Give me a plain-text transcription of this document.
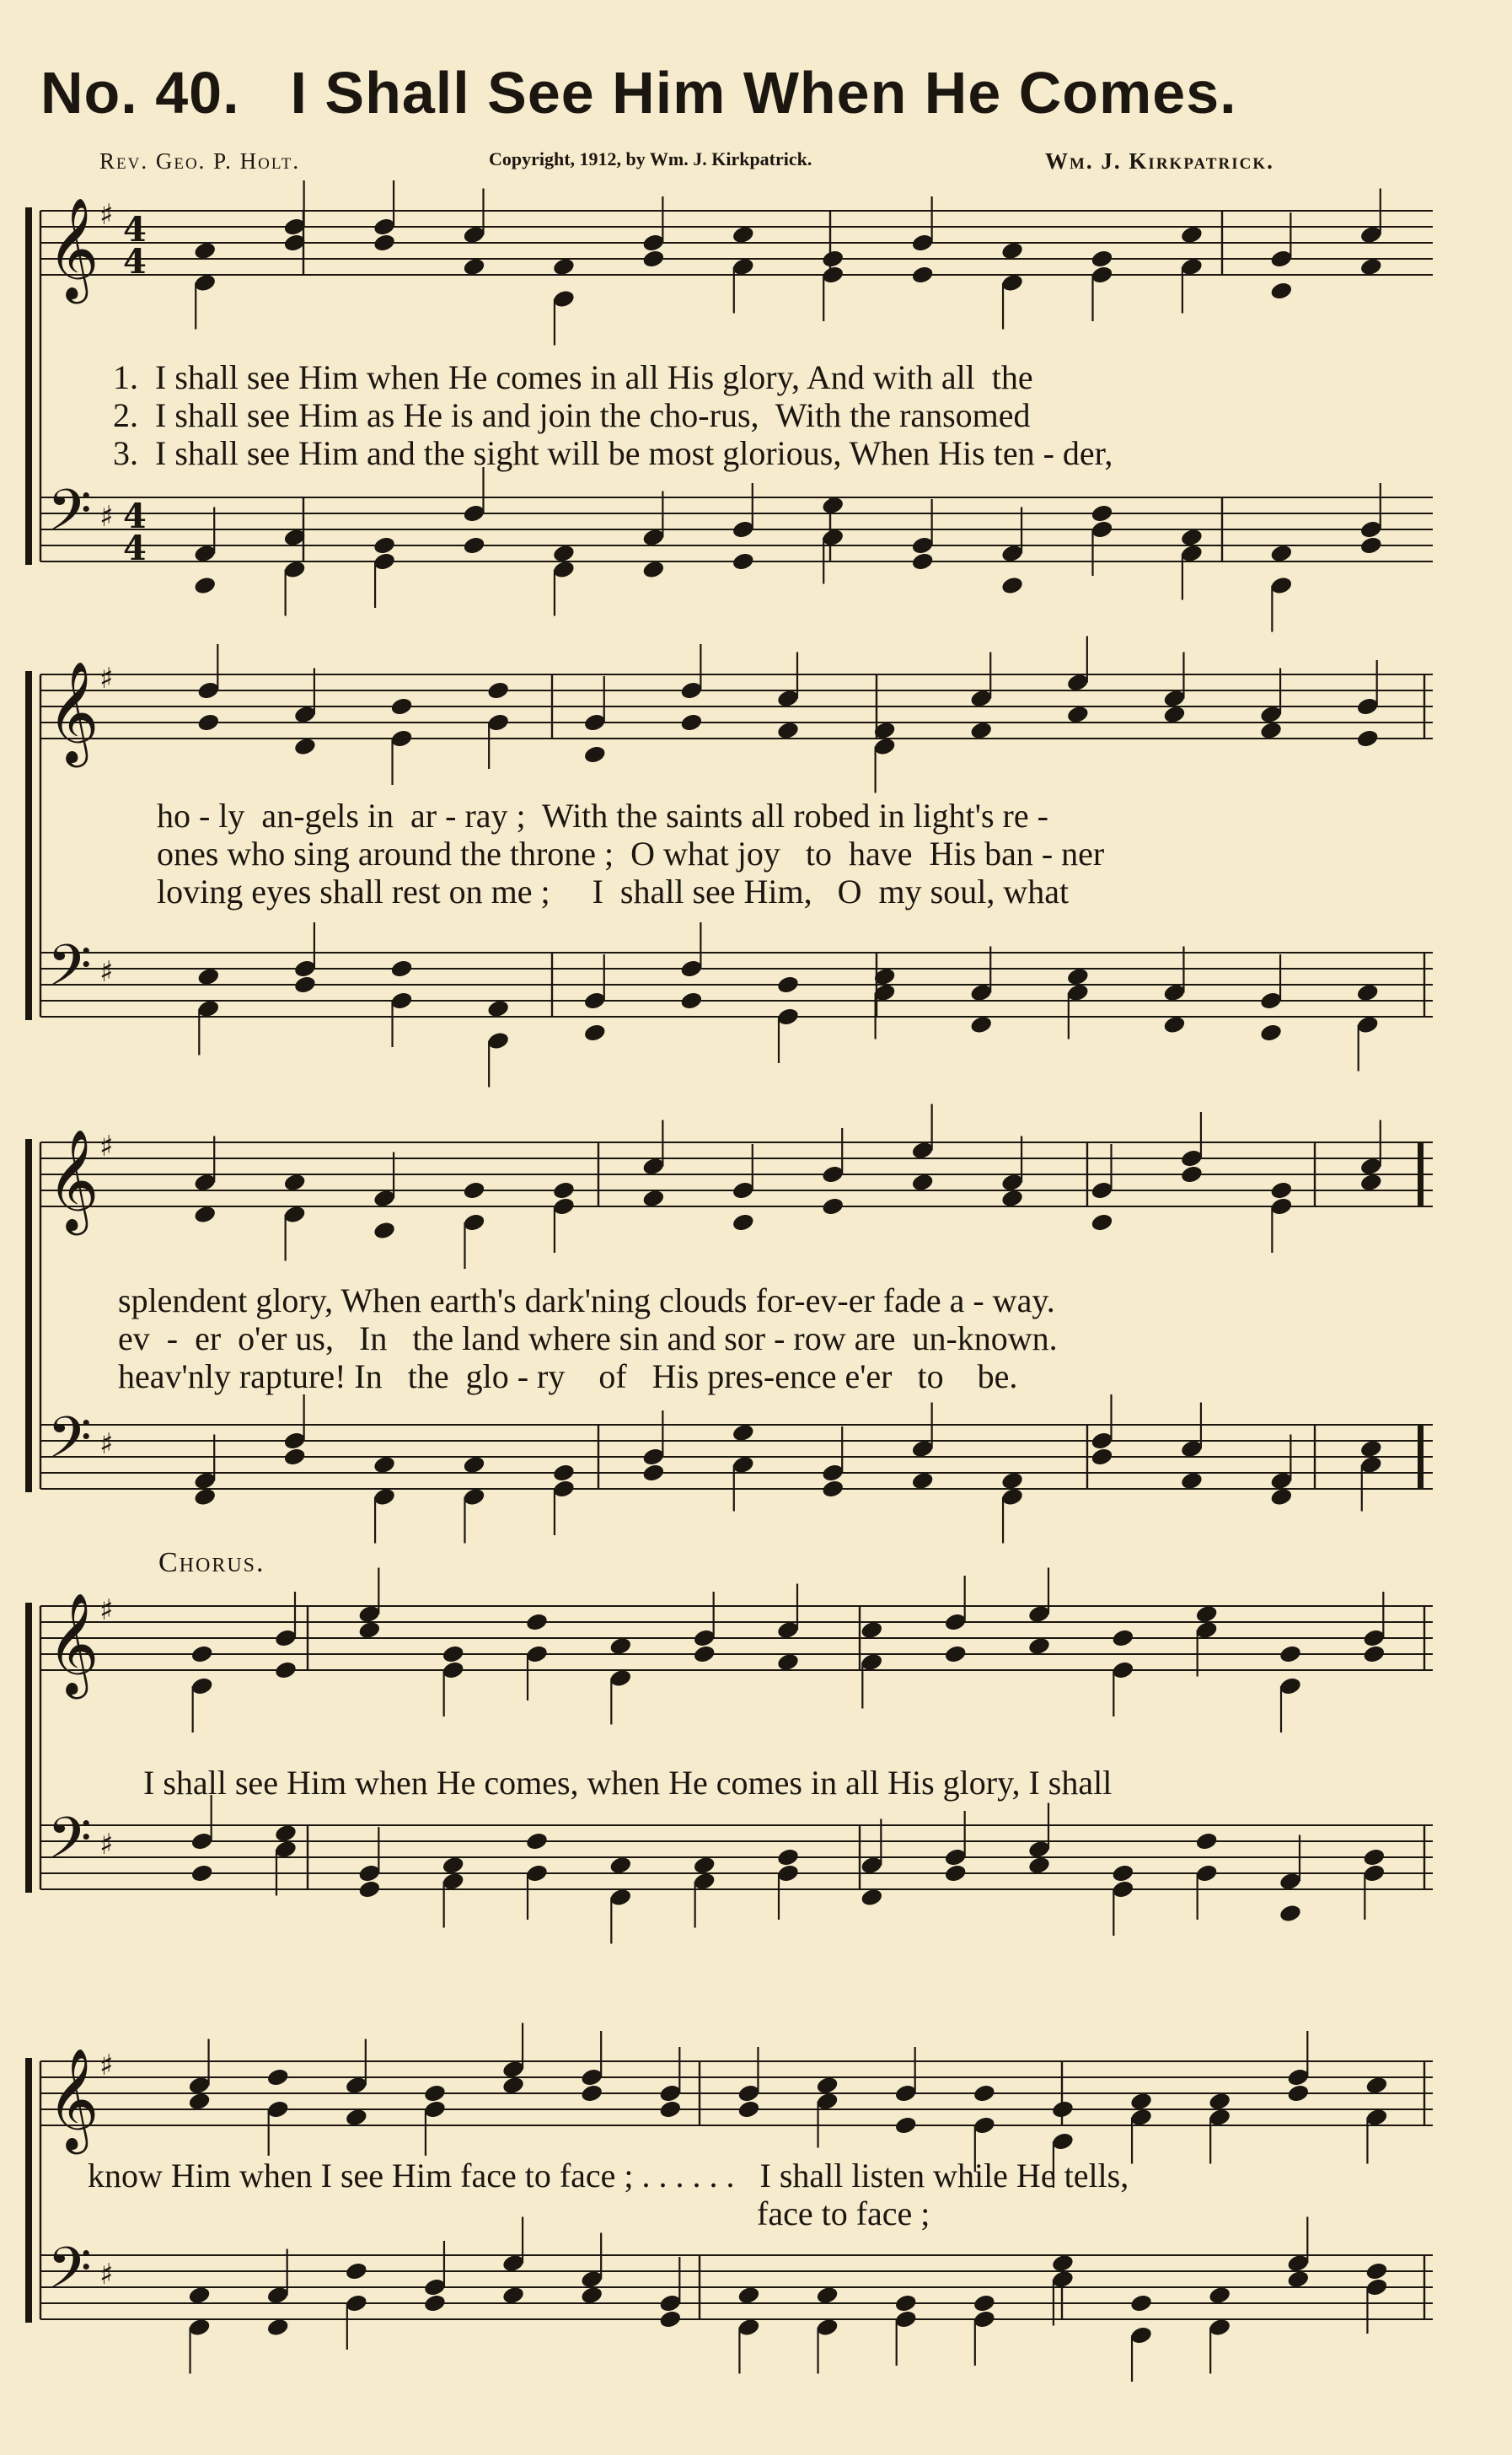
𝄞
𝄢
♯
♯
4
4
4
4
𝄞
𝄢
♯
♯
𝄞
𝄢
♯
♯
𝄞
𝄢
♯
♯
𝄞
𝄢
♯
♯
No. 40. I Shall See Him When He Comes.
Rev. Geo. P. Holt.	Copyright, 1912, by Wm. J. Kirkpatrick.	Wm. J. Kirkpatrick.

1.  I shall see Him when He comes in all His glory, And with all  the

2.  I shall see Him as He is and join the cho-rus,  With the ransomed

3.  I shall see Him and the sight will be most glorious, When His ten - der,

ho - ly  an-gels in  ar - ray ;  With the saints all robed in light's re -

ones who sing around the throne ;  O what joy   to  have  His ban - ner

loving eyes shall rest on me ;     I  shall see Him,   O  my soul, what

splendent glory, When earth's dark'ning clouds for-ev-er fade a - way.

ev  -  er  o'er us,   In   the land where sin and sor - row are  un-known.

heav'nly rapture! In   the  glo - ry    of   His pres-ence e'er   to    be.

Chorus.

I shall see Him when He comes, when He comes in all His glory, I shall

know Him when I see Him face to face ; . . . . . .   I shall listen while He tells,

face to face ;
